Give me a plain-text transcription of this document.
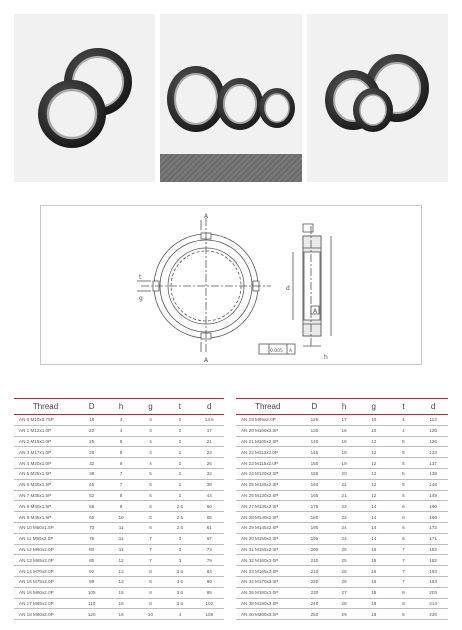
A
A
t
g
d
h
A
0.005 A
Thread	D	h	g	t	d
AN 0 M10x0.75P	18	4	3	2	13.5
AN 1 M12x1.0P	22	4	3	2	17
AN 2 M15x1.0P	25	5	4	2	21
AN 3 M17x1.0P	28	5	4	2	22
AN 4 M20x1.0P	32	6	4	2	26
AN 5 M25x1.5P	38	7	5	2	32
AN 6 M30x1.5P	45	7	5	2	38
AN 7 M35x1.5P	52	8	5	2	44
AN 8 M40x1.5P	58	9	6	2.5	50
AN 9 M45x1.5P	65	10	6	2.5	56
AN 10 M50x1.5P	70	11	6	2.5	61
AN 11 M55x2.0P	75	11	7	3	67
AN 12 M60x2.0P	80	11	7	3	73
AN 13 M65x2.0P	85	12	7	3	79
AN 14 M70x2.0P	92	12	8	3.5	84
AN 15 M75x2.0P	98	13	8	3.5	90
AN 16 M80x2.0P	105	15	8	3.5	95
AN 17 M85x2.0P	110	16	8	3.5	102
AN 18 M90x2.0P	120	16	10	4	108
Thread	D	h	g	t	d
AN 19 M95x2.0P	125	17	10	4	113
AN 20 M100x2.0P	130	18	10	4	120
AN 21 M105x2.0P	140	18	12	5	126
AN 22 M110x2.0P	145	19	12	5	133
AN 23 M115x2.0P	150	19	12	5	137
AN 24 M120x2.0P	155	20	12	5	138
AN 25 M125x2.0P	160	21	12	5	148
AN 26 M130x2.0P	165	21	12	5	149
AN 27 M135x2.0P	175	22	14	6	160
AN 28 M140x2.0P	180	22	14	6	160
AN 29 M145x2.0P	190	24	14	6	172
AN 30 M150x2.0P	195	24	14	6	171
AN 31 M155x2.0P	200	25	16	7	182
AN 32 M160x3.0P	210	25	16	7	182
AN 33 M165x3.0P	210	26	16	7	193
AN 34 M170x3.0P	220	26	16	7	193
AN 36 M180x3.0P	230	27	18	8	203
AN 38 M190x3.0P	240	28	18	8	214
AN 40 M200x3.0P	250	29	18	8	226
